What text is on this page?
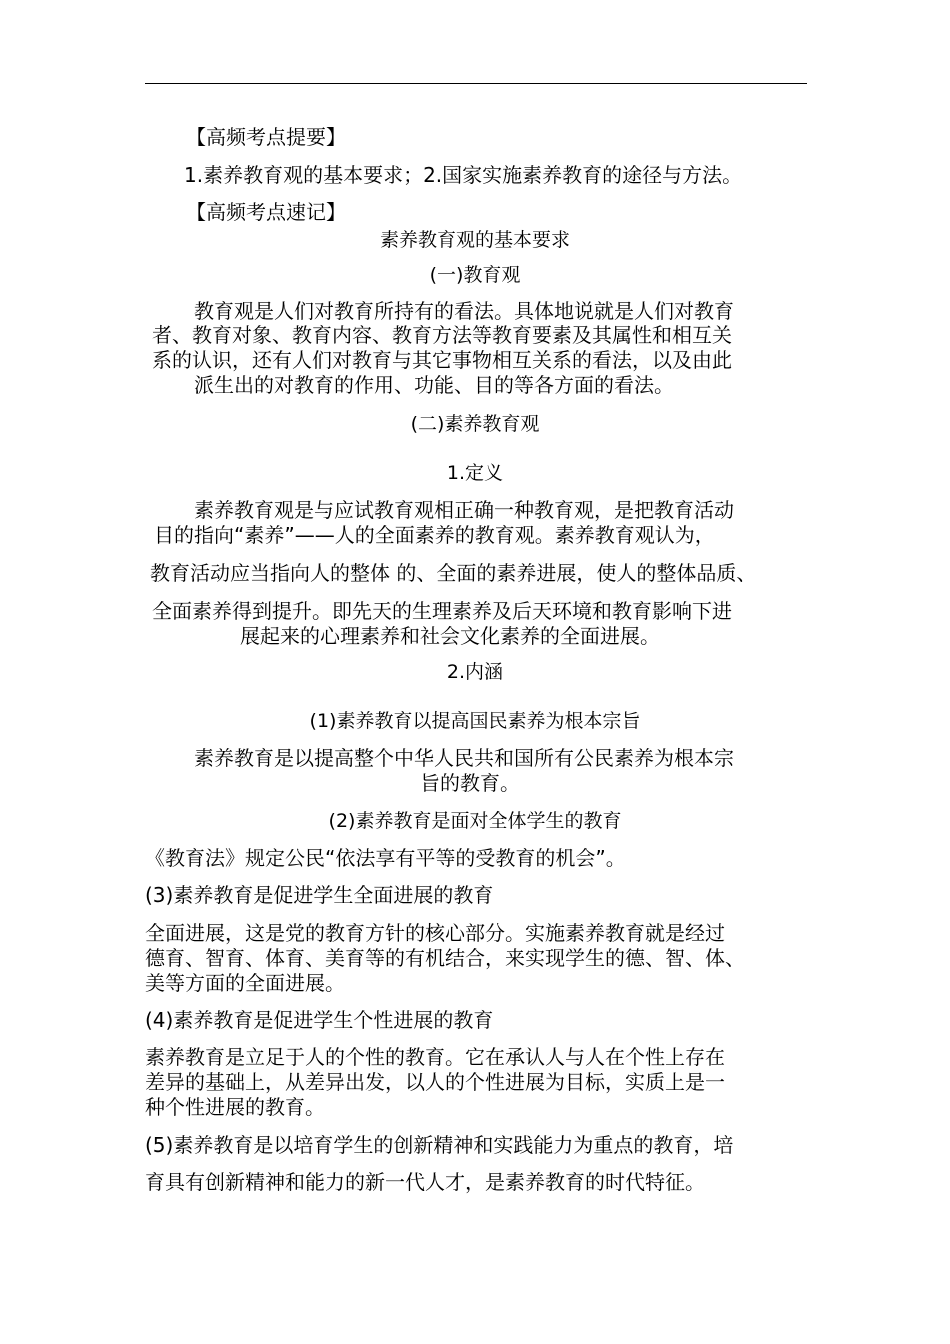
【高频考点提要】
1.素养教育观的基本要求；2.国家实施素养教育的途径与方法。
【高频考点速记】
素养教育观的基本要求
(一)教育观
教育观是人们对教育所持有的看法。具体地说就是人们对教育
者、教育对象、教育内容、教育方法等教育要素及其属性和相互关
系的认识，还有人们对教育与其它事物相互关系的看法，以及由此
派生出的对教育的作用、功能、目的等各方面的看法。
(二)素养教育观
1.定义
素养教育观是与应试教育观相正确一种教育观，是把教育活动
目的指向“素养”——人的全面素养的教育观。素养教育观认为，
教育活动应当指向人的整体 的、全面的素养进展，使人的整体品质、
全面素养得到提升。即先天的生理素养及后天环境和教育影响下进
展起来的心理素养和社会文化素养的全面进展。
2.内涵
(1)素养教育以提高国民素养为根本宗旨
素养教育是以提高整个中华人民共和国所有公民素养为根本宗
旨的教育。
(2)素养教育是面对全体学生的教育
《教育法》规定公民“依法享有平等的受教育的机会”。
(3)素养教育是促进学生全面进展的教育
全面进展，这是党的教育方针的核心部分。实施素养教育就是经过
德育、智育、体育、美育等的有机结合，来实现学生的德、智、体、
美等方面的全面进展。
(4)素养教育是促进学生个性进展的教育
素养教育是立足于人的个性的教育。它在承认人与人在个性上存在
差异的基础上，从差异出发，以人的个性进展为目标，实质上是一
种个性进展的教育。
(5)素养教育是以培育学生的创新精神和实践能力为重点的教育，培
育具有创新精神和能力的新一代人才，是素养教育的时代特征。
